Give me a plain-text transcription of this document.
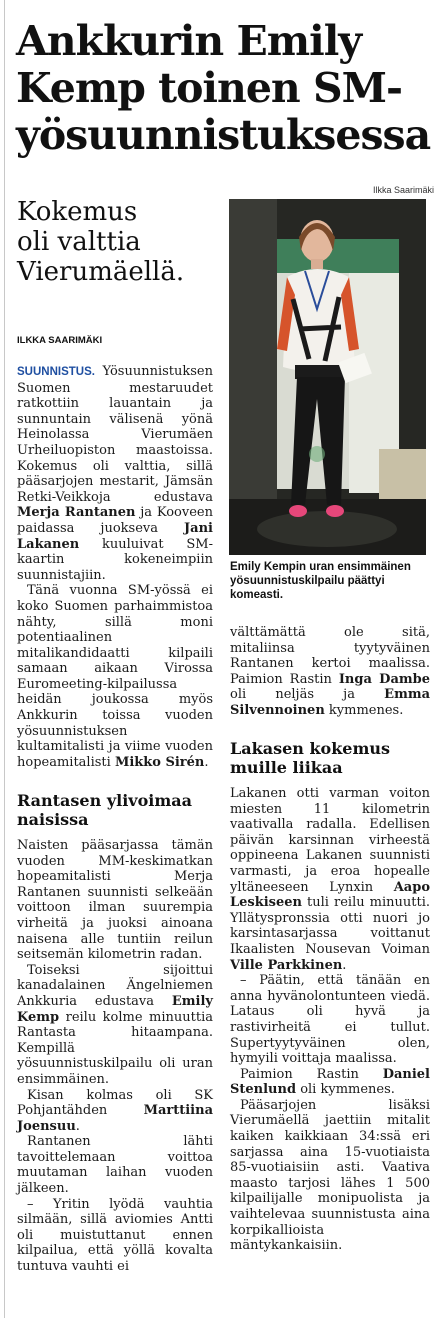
Ankkurin Emily
Kemp toinen SM-
yösuunnistuksessa
Kokemus
oli valttia
Vierumäellä.
ILKKA SAARIMÄKI
Ilkka Saarimäki
Emily Kempin uran ensimmäinen yösuunnistuskilpailu päättyi komeasti.

SUUNNISTUS. Yösuunnistuksen Suomen mestaruudet ratkottiin lauantain ja sunnuntain välisenä yönä Heinolassa Vierumäen Urheiluopiston maastoissa. Kokemus oli valttia, sillä pääsarjojen mestarit, Jämsän Retki-Veikkoja edustava Merja Rantanen ja Kooveen paidassa juokseva Jani Lakanen kuuluivat SM-kaartin kokeneimpiin suunnistajiin.

Tänä vuonna SM-yössä ei koko Suomen parhaimmistoa nähty, sillä moni potentiaalinen mitalikandidaatti kilpaili samaan aikaan Virossa Euromeeting-kilpailussa heidän joukossa myös Ankkurin toissa vuoden yösuunnistuksen kultamitalisti ja viime vuoden hopeamitalisti Mikko Sirén.

Rantasen ylivoimaa naisissa

Naisten pääsarjassa tämän vuoden MM-keskimatkan hopeamitalisti Merja Rantanen suunnisti selkeään voittoon ilman suurempia virheitä ja juoksi ainoana naisena alle tuntiin reilun seitsemän kilometrin radan.

Toiseksi sijoittui kanadalainen Ängelniemen Ankkuria edustava Emily Kemp reilu kolme minuuttia Rantasta hitaampana. Kempillä yösuunnistuskilpailu oli uran ensimmäinen.

Kisan kolmas oli SK Pohjantähden Marttiina Joensuu.

Rantanen lähti tavoittelemaan voittoa muutaman laihan vuoden jälkeen.

– Yritin lyödä vauhtia silmään, sillä aviomies Antti oli muistuttanut ennen kilpailua, että yöllä kovalta tuntuva vauhti ei

välttämättä ole sitä, mitaliinsa tyytyväinen Rantanen kertoi maalissa. Paimion Rastin Inga Dambe oli neljäs ja Emma Silvennoinen kymmenes.

Lakasen kokemus muille liikaa

Lakanen otti varman voiton miesten 11 kilometrin vaativalla radalla. Edellisen päivän karsinnan virheestä oppineena Lakanen suunnisti varmasti, ja eroa hopealle yltäneeseen Lynxin Aapo Leskiseen tuli reilu minuutti. Yllätyspronssia otti nuori jo karsintasarjassa voittanut Ikaalisten Nousevan Voiman Ville Parkkinen.

– Päätin, että tänään en anna hyvänolontunteen viedä. Lataus oli hyvä ja rastivirheitä ei tullut. Supertyytyväinen olen, hymyili voittaja maalissa.

Paimion Rastin Daniel Stenlund oli kymmenes.

Pääsarjojen lisäksi Vierumäellä jaettiin mitalit kaiken kaikkiaan 34:ssä eri sarjassa aina 15-vuotiaista 85-vuotiaisiin asti. Vaativa maasto tarjosi lähes 1 500 kilpailijalle monipuolista ja vaihtelevaa suunnistusta aina korpikallioista mäntykankaisiin.
